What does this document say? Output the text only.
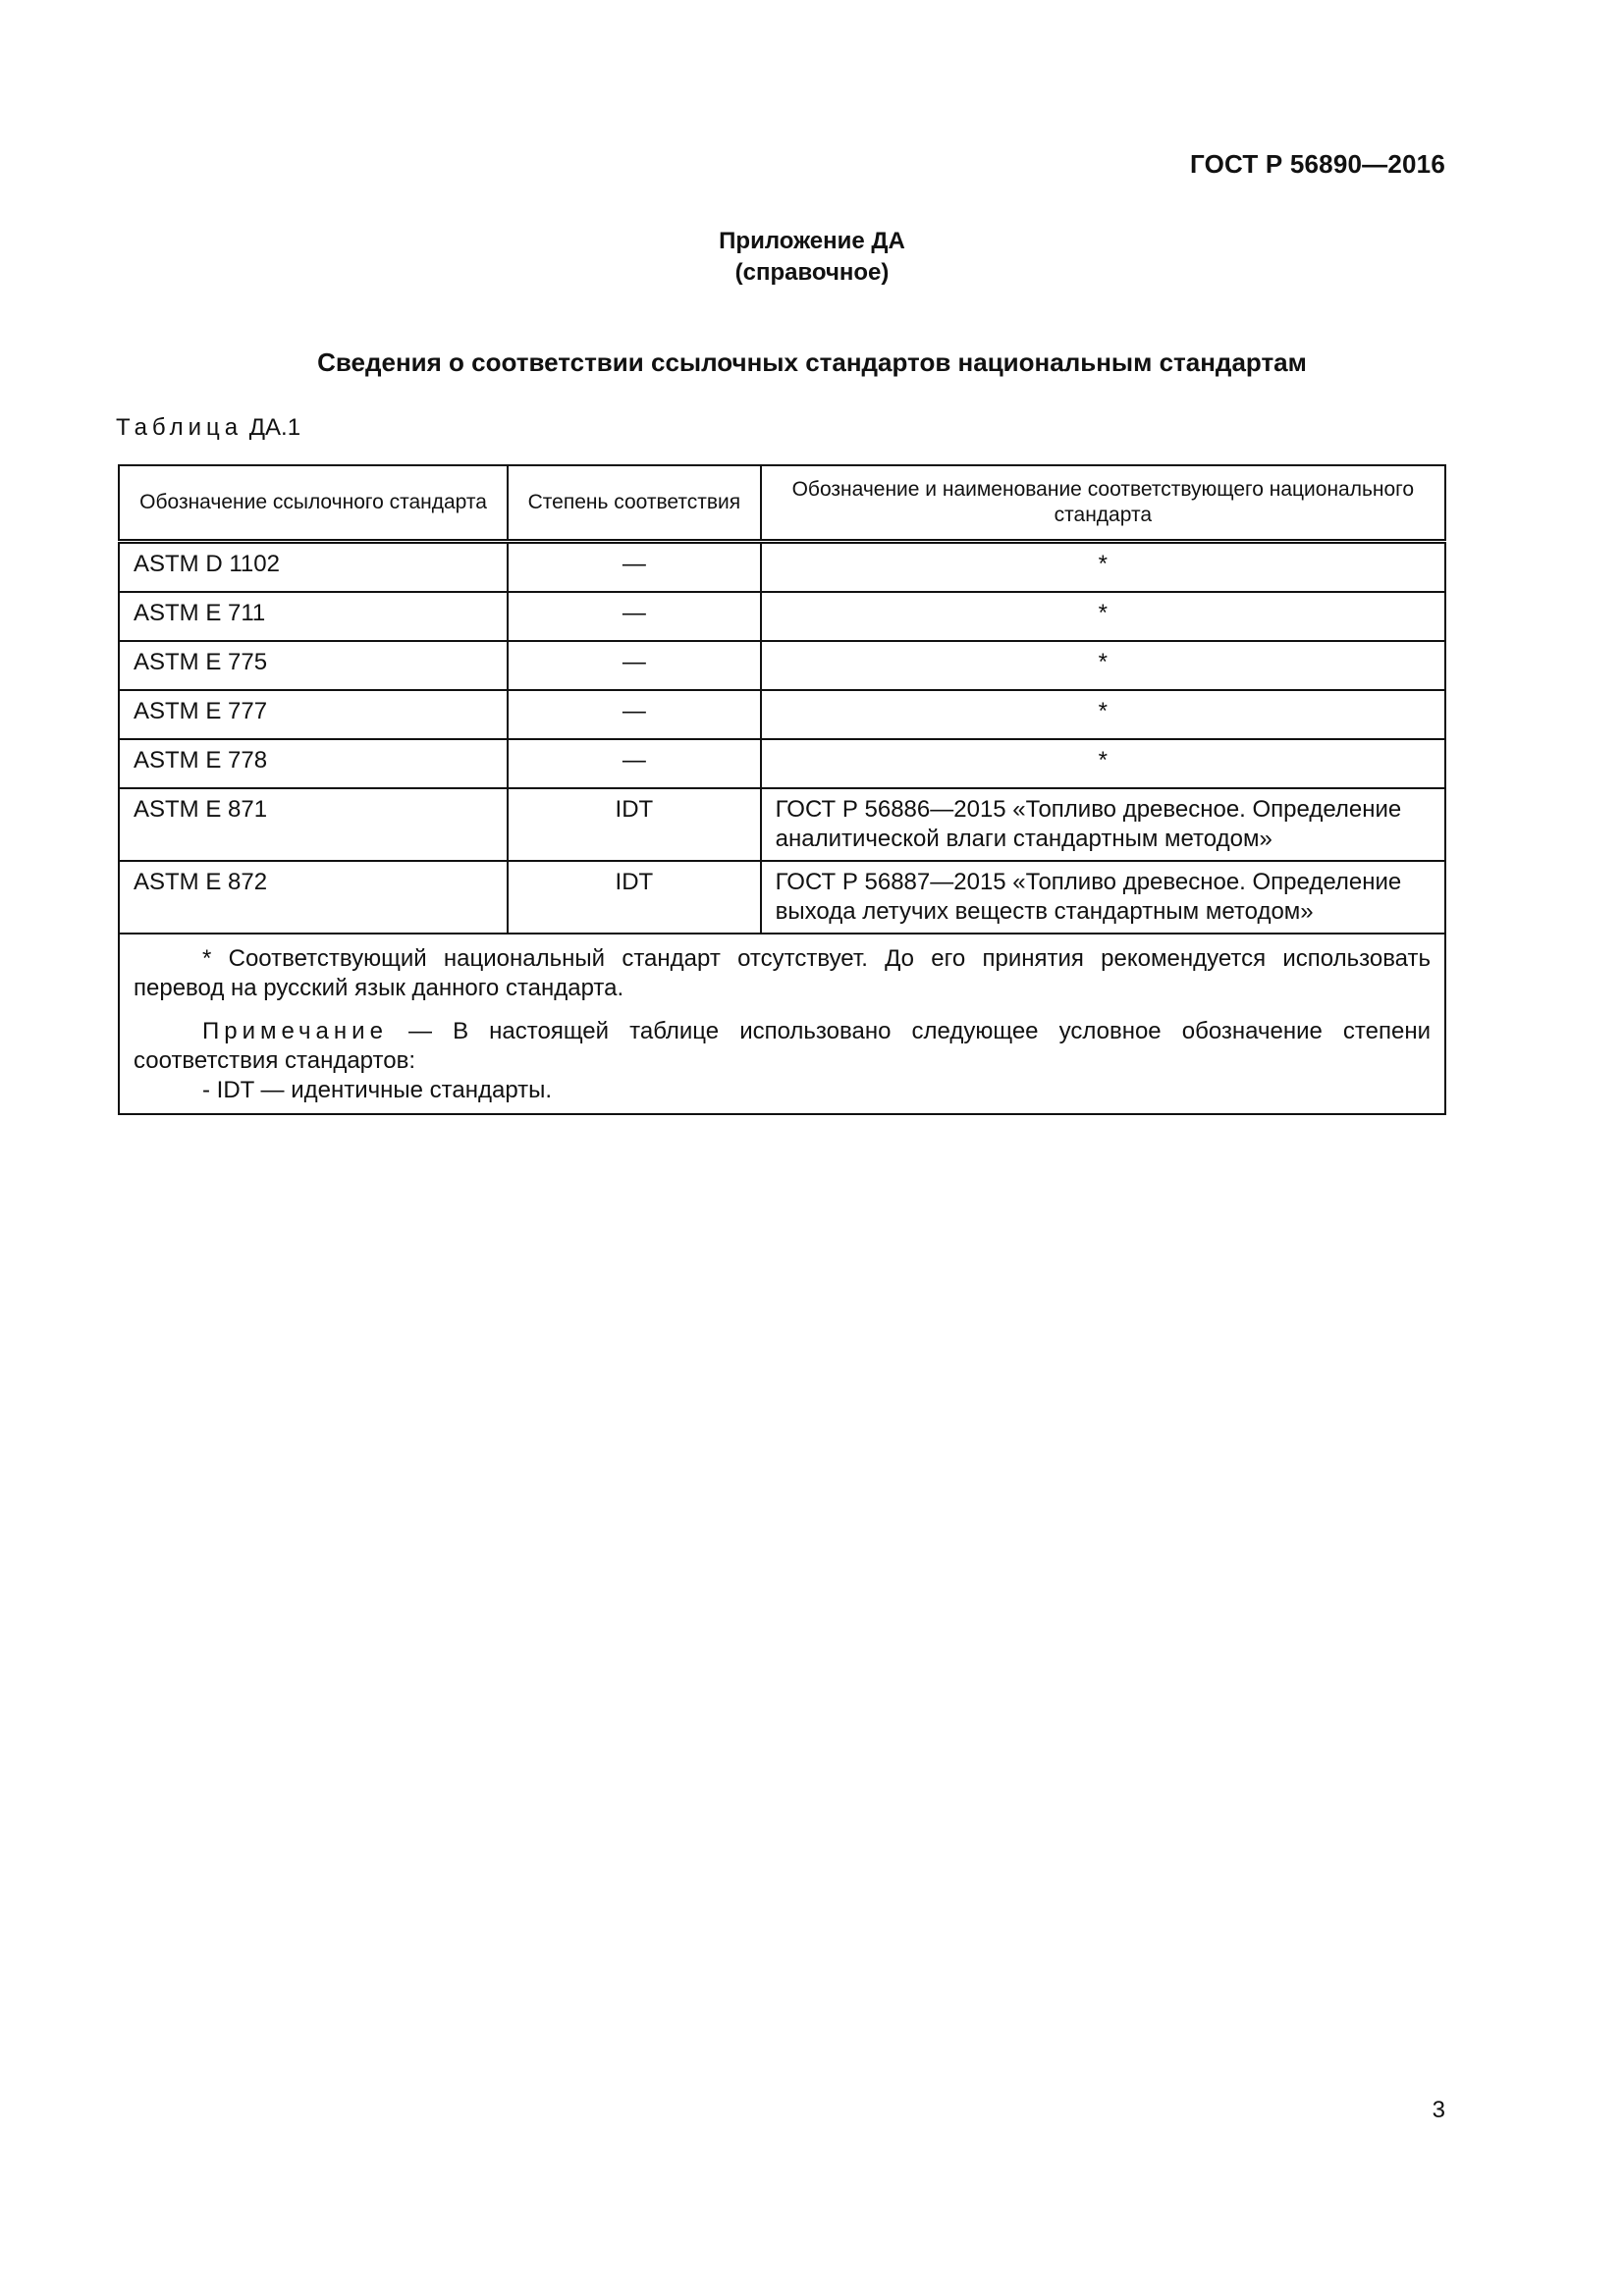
ГОСТ Р 56890—2016
Приложение ДА
(справочное)
Сведения о соответствии ссылочных стандартов национальным стандартам
Таблица ДА.1
Обозначение ссылочного стандарта	Степень соответствия	Обозначение и наименование соответствующего национального стандарта
ASTM D 1102	—	*
ASTM E 711	—	*
ASTM E 775	—	*
ASTM E 777	—	*
ASTM E 778	—	*
ASTM E 871	IDT	ГОСТ Р 56886—2015 «Топливо древесное. Определение аналитической влаги стандартным методом»
ASTM E 872	IDT	ГОСТ Р 56887—2015 «Топливо древесное. Определение выхода летучих веществ стандартным методом»

* Соответствующий национальный стандарт отсутствует. До его принятия рекомендуется использовать перевод на русский язык данного стандарта.

Примечание — В настоящей таблице использовано следующее условное обозначение степени соответствия стандартов:

- IDT — идентичные стандарты.		

3
